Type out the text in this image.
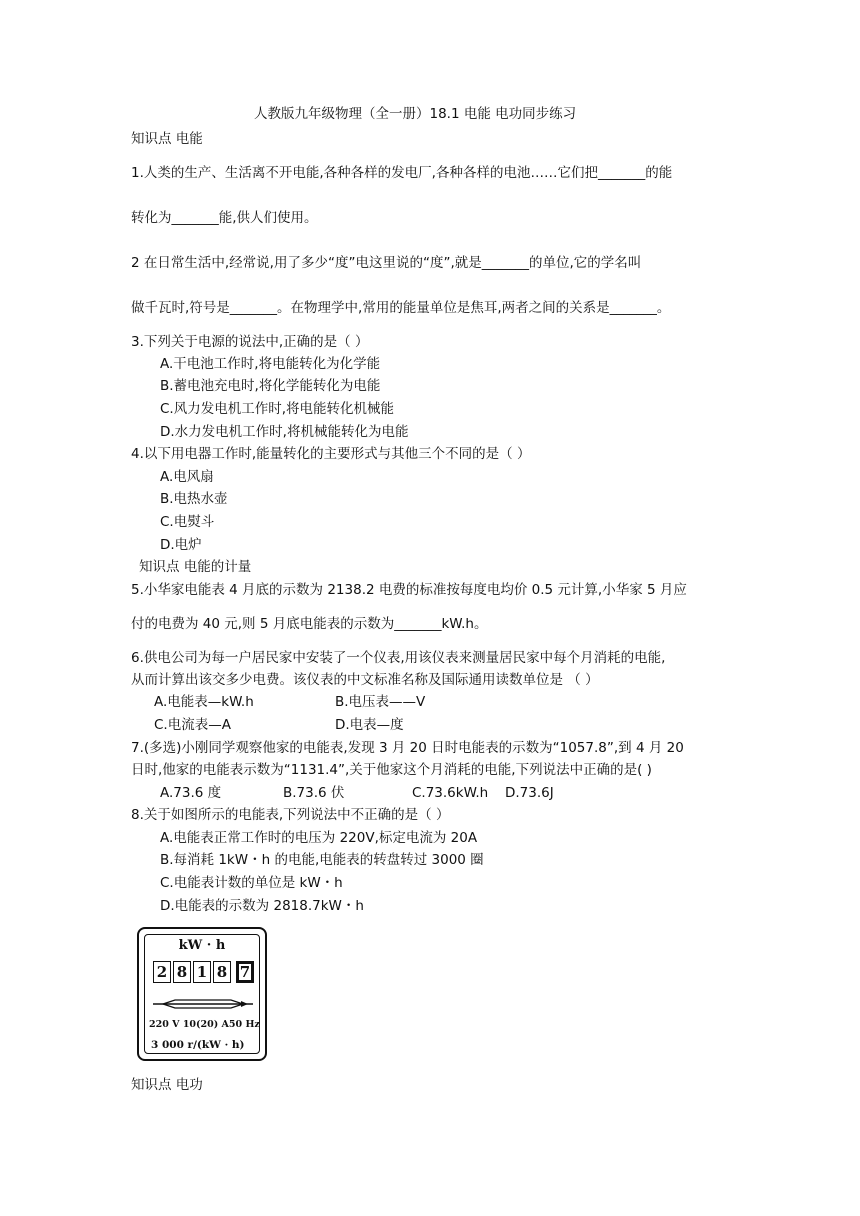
人教版九年级物理（全一册）18.1 电能 电功同步练习
知识点 电能
1.人类的生产、生活离不开电能,各种各样的发电厂,各种各样的电池……它们把_______的能
转化为_______能,供人们使用。
2 在日常生活中,经常说,用了多少“度”电这里说的“度”,就是_______的单位,它的学名叫
做千瓦时,符号是_______。在物理学中,常用的能量单位是焦耳,两者之间的关系是_______。
3.下列关于电源的说法中,正确的是（ ）
A.干电池工作时,将电能转化为化学能
B.蓄电池充电时,将化学能转化为电能
C.风力发电机工作时,将电能转化机械能
D.水力发电机工作时,将机械能转化为电能
4.以下用电器工作时,能量转化的主要形式与其他三个不同的是（ ）
A.电风扇
B.电热水壶
C.电熨斗
D.电炉
知识点 电能的计量
5.小华家电能表 4 月底的示数为 2138.2 电费的标准按每度电均价 0.5 元计算,小华家 5 月应
付的电费为 40 元,则 5 月底电能表的示数为_______kW.h。
6.供电公司为每一户居民家中安装了一个仪表,用该仪表来测量居民家中每个月消耗的电能,
从而计算出该交多少电费。该仪表的中文标准名称及国际通用读数单位是 （ ）
A.电能表—kW.h	B.电压表——V
C.电流表—A	D.电表—度
7.(多选)小刚同学观察他家的电能表,发现 3 月 20 日时电能表的示数为“1057.8”,到 4 月 20
日时,他家的电能表示数为“1131.4”,关于他家这个月消耗的电能,下列说法中正确的是( )
A.73.6 度	B.73.6 伏	C.73.6kW.h D.73.6J
8.关于如图所示的电能表,下列说法中不正确的是（ ）
A.电能表正常工作时的电压为 220V,标定电流为 20A
B.每消耗 1kW・h 的电能,电能表的转盘转过 3000 圈
C.电能表计数的单位是 kW・h
D.电能表的示数为 2818.7kW・h
kW · h
2 8 1 8 7
220 V 10(20) A50 Hz
3 000 r/(kW · h)
知识点 电功
